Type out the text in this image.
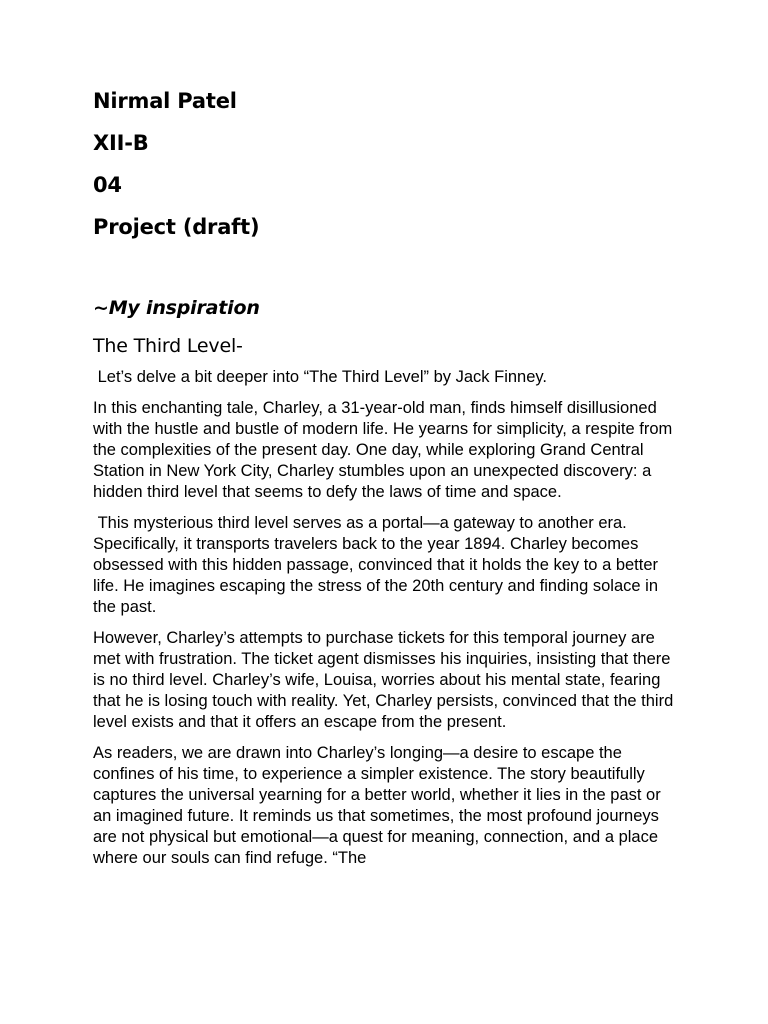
Nirmal Patel
XII-B
04
Project (draft)
~My inspiration
The Third Level-

Let’s delve a bit deeper into “The Third Level” by Jack Finney.

In this enchanting tale, Charley, a 31-year-old man, finds himself disillusioned with the hustle and bustle of modern life. He yearns for simplicity, a respite from the complexities of the present day. One day, while exploring Grand Central Station in New York City, Charley stumbles upon an unexpected discovery: a hidden third level that seems to defy the laws of time and space.

This mysterious third level serves as a portal—a gateway to another era. Specifically, it transports travelers back to the year 1894. Charley becomes obsessed with this hidden passage, convinced that it holds the key to a better life. He imagines escaping the stress of the 20th century and finding solace in the past.

However, Charley’s attempts to purchase tickets for this temporal journey are met with frustration. The ticket agent dismisses his inquiries, insisting that there is no third level. Charley’s wife, Louisa, worries about his mental state, fearing that he is losing touch with reality. Yet, Charley persists, convinced that the third level exists and that it offers an escape from the present.

As readers, we are drawn into Charley’s longing—a desire to escape the confines of his time, to experience a simpler existence. The story beautifully captures the universal yearning for a better world, whether it lies in the past or an imagined future. It reminds us that sometimes, the most profound journeys are not physical but emotional—a quest for meaning, connection, and a place where our souls can find refuge. “The
